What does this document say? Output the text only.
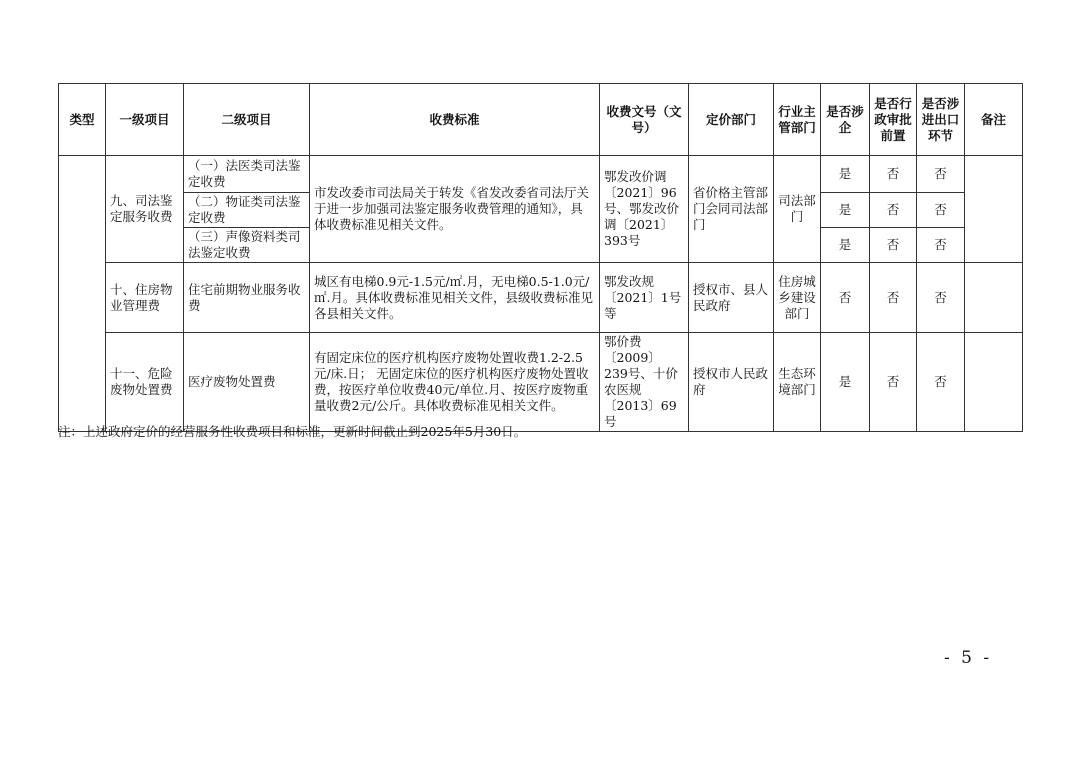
类型	一级项目	二级项目	收费标准	收费文号（文号）	定价部门	行业主管部门	是否涉企	是否行政审批前置	是否涉进出口环节	备注
	九、司法鉴定服务收费	（一）法医类司法鉴定收费	市发改委市司法局关于转发《省发改委省司法厅关于进一步加强司法鉴定服务收费管理的通知》，具体收费标准见相关文件。	鄂发改价调〔2021〕96号、鄂发改价调〔2021〕393号	省价格主管部门会同司法部门	司法部门	是	否	否	
		（二）物证类司法鉴定收费					是	否	否	
		（三）声像资料类司法鉴定收费					是	否	否	
	十、住房物业管理费	住宅前期物业服务收费	城区有电梯0.9元-1.5元/㎡.月，无电梯0.5-1.0元/㎡.月。具体收费标准见相关文件，县级收费标准见各县相关文件。	鄂发改规〔2021〕1号等	授权市、县人民政府	住房城乡建设部门	否	否	否	
	十一、危险废物处置费	医疗废物处置费	有固定床位的医疗机构医疗废物处置收费1.2-2.5元/床.日； 无固定床位的医疗机构医疗废物处置收费，按医疗单位收费40元/单位.月、按医疗废物重量收费2元/公斤。具体收费标准见相关文件。	鄂价费〔2009〕239号、十价农医规〔2013〕69号	授权市人民政府	生态环境部门	是	否	否	
注：上述政府定价的经营服务性收费项目和标准，更新时间截止到2025年5月30日。
- 5 -
